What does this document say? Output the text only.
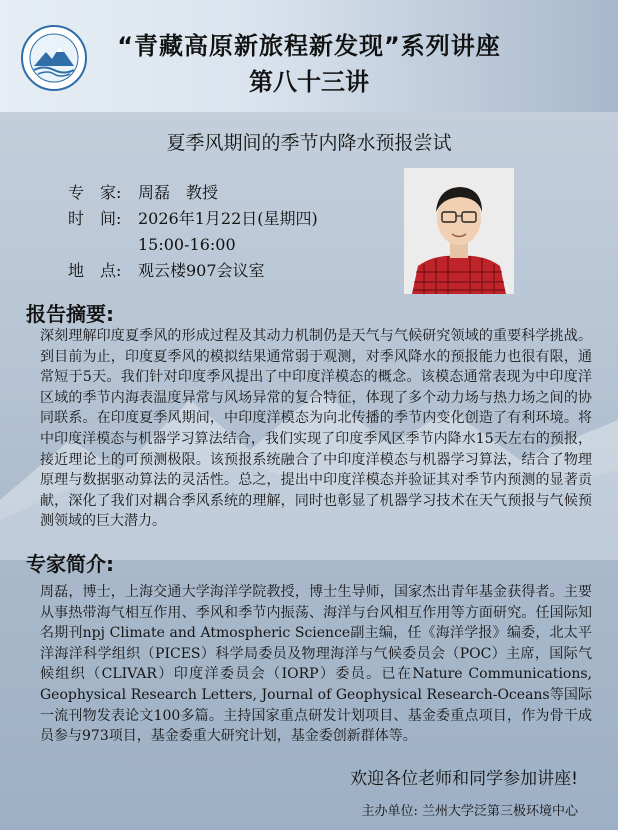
“青藏高原新旅程新发现”系列讲座
第八十三讲
夏季风期间的季节内降水预报尝试
专　家:	周磊　教授
时　间:	2026年1月22日(星期四)
15:00-16:00
地　点:	观云楼907会议室
报告摘要:
深刻理解印度夏季风的形成过程及其动力机制仍是天气与气候研究领域的重要科学挑战。到目前为止，印度夏季风的模拟结果通常弱于观测，对季风降水的预报能力也很有限，通常短于5天。我们针对印度季风提出了中印度洋模态的概念。该模态通常表现为中印度洋区域的季节内海表温度异常与风场异常的复合特征，体现了多个动力场与热力场之间的协同联系。在印度夏季风期间，中印度洋模态为向北传播的季节内变化创造了有利环境。将中印度洋模态与机器学习算法结合，我们实现了印度季风区季节内降水15天左右的预报，接近理论上的可预测极限。该预报系统融合了中印度洋模态与机器学习算法，结合了物理原理与数据驱动算法的灵活性。总之，提出中印度洋模态并验证其对季节内预测的显著贡献，深化了我们对耦合季风系统的理解，同时也彰显了机器学习技术在天气预报与气候预测领域的巨大潜力。
专家简介:
周磊，博士，上海交通大学海洋学院教授，博士生导师，国家杰出青年基金获得者。主要从事热带海气相互作用、季风和季节内振荡、海洋与台风相互作用等方面研究。任国际知名期刊npj Climate and Atmospheric Science副主编，任《海洋学报》编委，北太平洋海洋科学组织（PICES）科学局委员及物理海洋与气候委员会（POC）主席，国际气候组织（CLIVAR）印度洋委员会（IORP）委员。已在Nature Communications, Geophysical Research Letters, Journal of Geophysical Research-Oceans等国际一流刊物发表论文100多篇。主持国家重点研发计划项目、基金委重点项目，作为骨干成员参与973项目，基金委重大研究计划，基金委创新群体等。
欢迎各位老师和同学参加讲座!
主办单位: 兰州大学泛第三极环境中心
